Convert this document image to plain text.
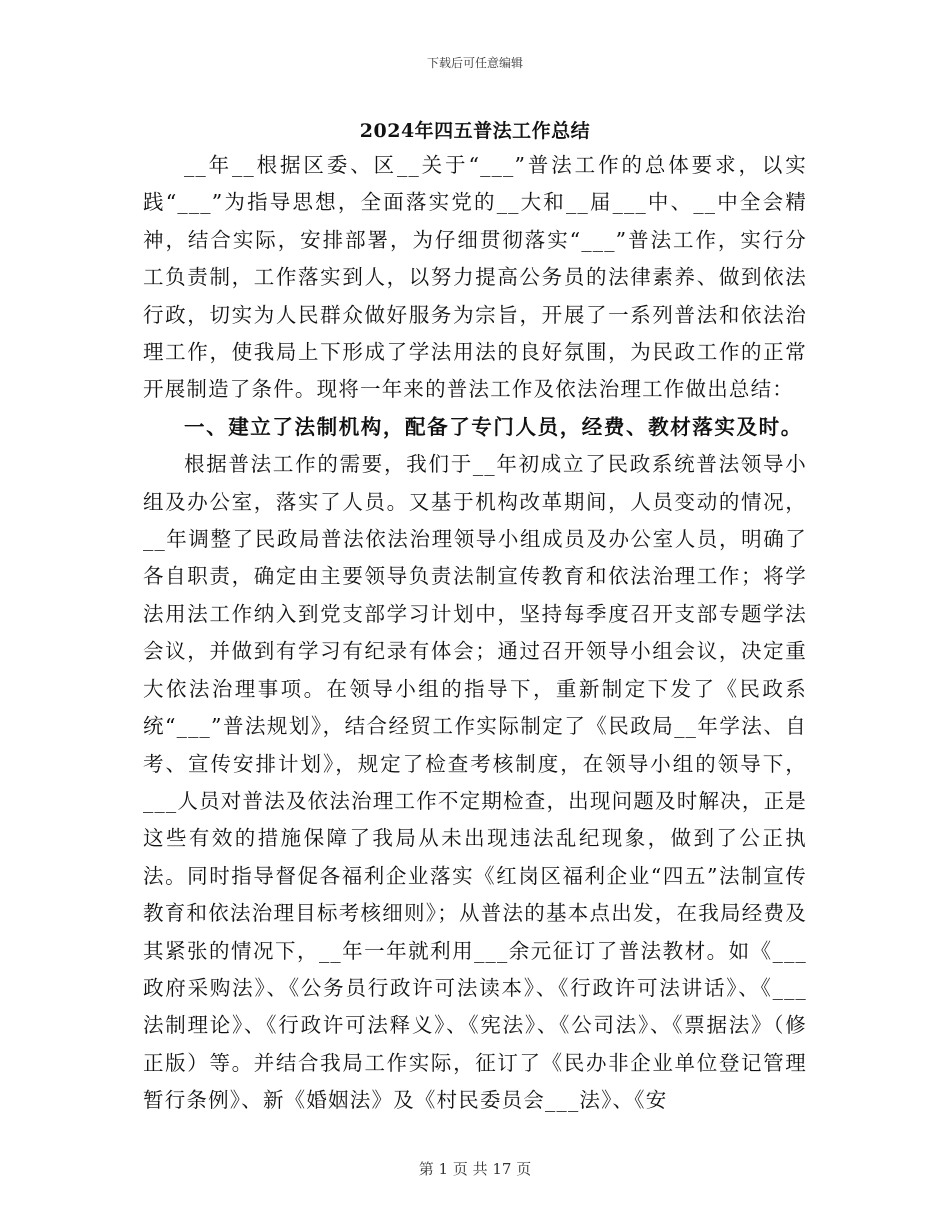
下载后可任意编辑
2024年四五普法工作总结

__年__根据区委、区__关于“___”普法工作的总体要求，以实践“___”为指导思想，全面落实党的__大和__届___中、__中全会精神，结合实际，安排部署，为仔细贯彻落实“___”普法工作，实行分工负责制，工作落实到人，以努力提高公务员的法律素养、做到依法行政，切实为人民群众做好服务为宗旨，开展了一系列普法和依法治理工作，使我局上下形成了学法用法的良好氛围，为民政工作的正常开展制造了条件。现将一年来的普法工作及依法治理工作做出总结：

一、建立了法制机构，配备了专门人员，经费、教材落实及时。

根据普法工作的需要，我们于__年初成立了民政系统普法领导小组及办公室，落实了人员。又基于机构改革期间，人员变动的情况，__年调整了民政局普法依法治理领导小组成员及办公室人员，明确了各自职责，确定由主要领导负责法制宣传教育和依法治理工作；将学法用法工作纳入到党支部学习计划中，坚持每季度召开支部专题学法会议，并做到有学习有纪录有体会；通过召开领导小组会议，决定重大依法治理事项。在领导小组的指导下，重新制定下发了《民政系统“___”普法规划》，结合经贸工作实际制定了《民政局__年学法、自考、宣传安排计划》，规定了检查考核制度，在领导小组的领导下，___人员对普法及依法治理工作不定期检查，出现问题及时解决，正是这些有效的措施保障了我局从未出现违法乱纪现象，做到了公正执法。同时指导督促各福利企业落实《红岗区福利企业“四五”法制宣传教育和依法治理目标考核细则》；从普法的基本点出发，在我局经费及其紧张的情况下，__年一年就利用___余元征订了普法教材。如《___政府采购法》、《公务员行政许可法读本》、《行政许可法讲话》、《___法制理论》、《行政许可法释义》、《宪法》、《公司法》、《票据法》（修正版）等。并结合我局工作实际，征订了《民办非企业单位登记管理暂行条例》、新《婚姻法》及《村民委员会___法》、《安

第 1 页 共 17 页
